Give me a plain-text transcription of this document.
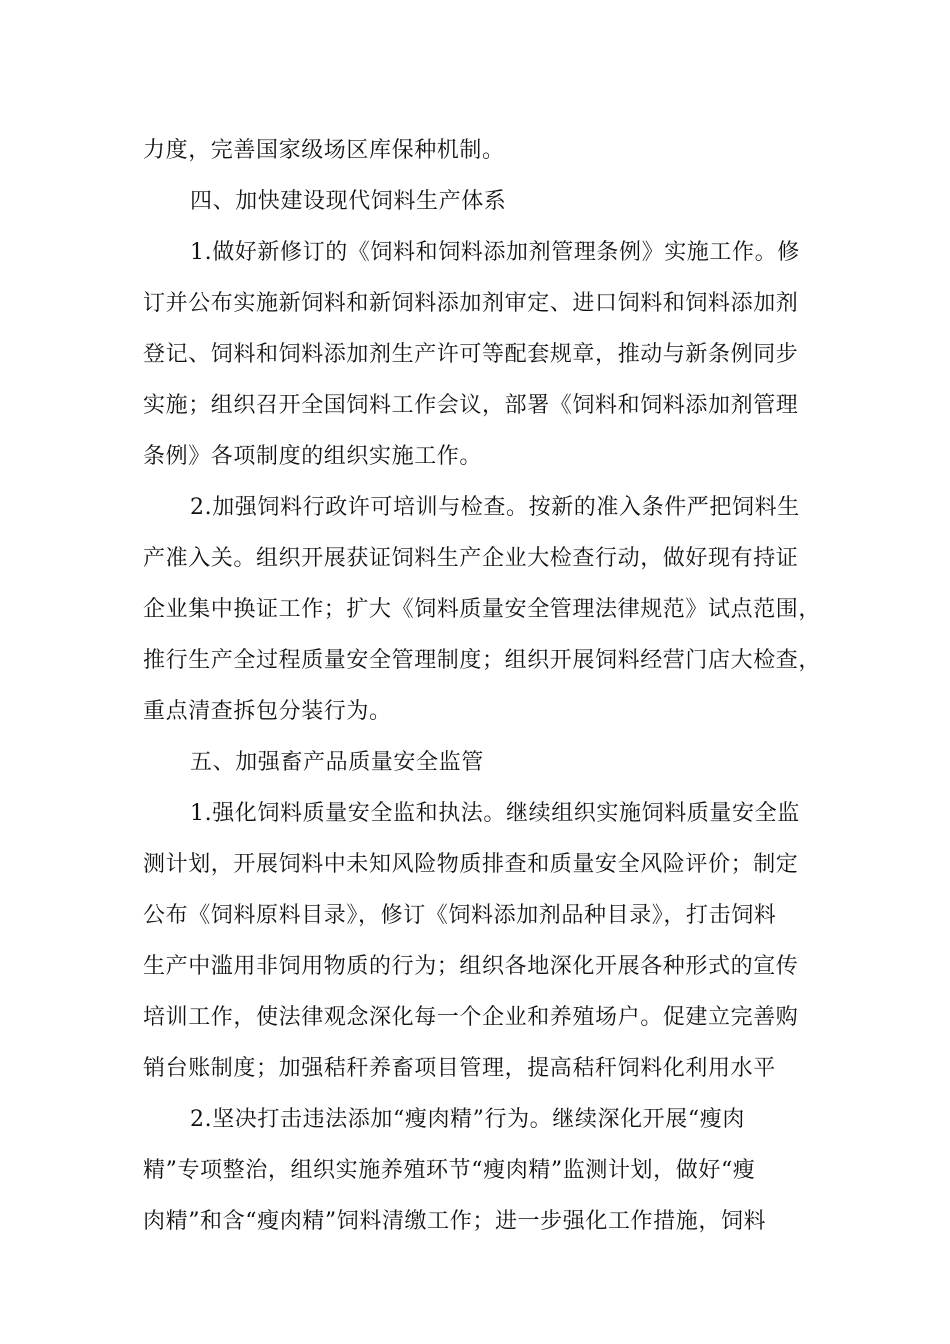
力度，完善国家级场区库保种机制。
四、加快建设现代饲料生产体系
1.做好新修订的《饲料和饲料添加剂管理条例》实施工作。修
订并公布实施新饲料和新饲料添加剂审定、进口饲料和饲料添加剂
登记、饲料和饲料添加剂生产许可等配套规章，推动与新条例同步
实施；组织召开全国饲料工作会议，部署《饲料和饲料添加剂管理
条例》各项制度的组织实施工作。
2.加强饲料行政许可培训与检查。按新的准入条件严把饲料生
产准入关。组织开展获证饲料生产企业大检查行动，做好现有持证
企业集中换证工作；扩大《饲料质量安全管理法律规范》试点范围，
推行生产全过程质量安全管理制度；组织开展饲料经营门店大检查，
重点清查拆包分装行为。
五、加强畜产品质量安全监管
1.强化饲料质量安全监和执法。继续组织实施饲料质量安全监
测计划，开展饲料中未知风险物质排查和质量安全风险评价；制定
公布《饲料原料目录》，修订《饲料添加剂品种目录》，打击饲料
生产中滥用非饲用物质的行为；组织各地深化开展各种形式的宣传
培训工作，使法律观念深化每一个企业和养殖场户。促建立完善购
销台账制度；加强秸秆养畜项目管理，提高秸秆饲料化利用水平
2.坚决打击违法添加“瘦肉精”行为。继续深化开展“瘦肉
精”专项整治，组织实施养殖环节“瘦肉精”监测计划，做好“瘦
肉精”和含“瘦肉精”饲料清缴工作；进一步强化工作措施，饲料
